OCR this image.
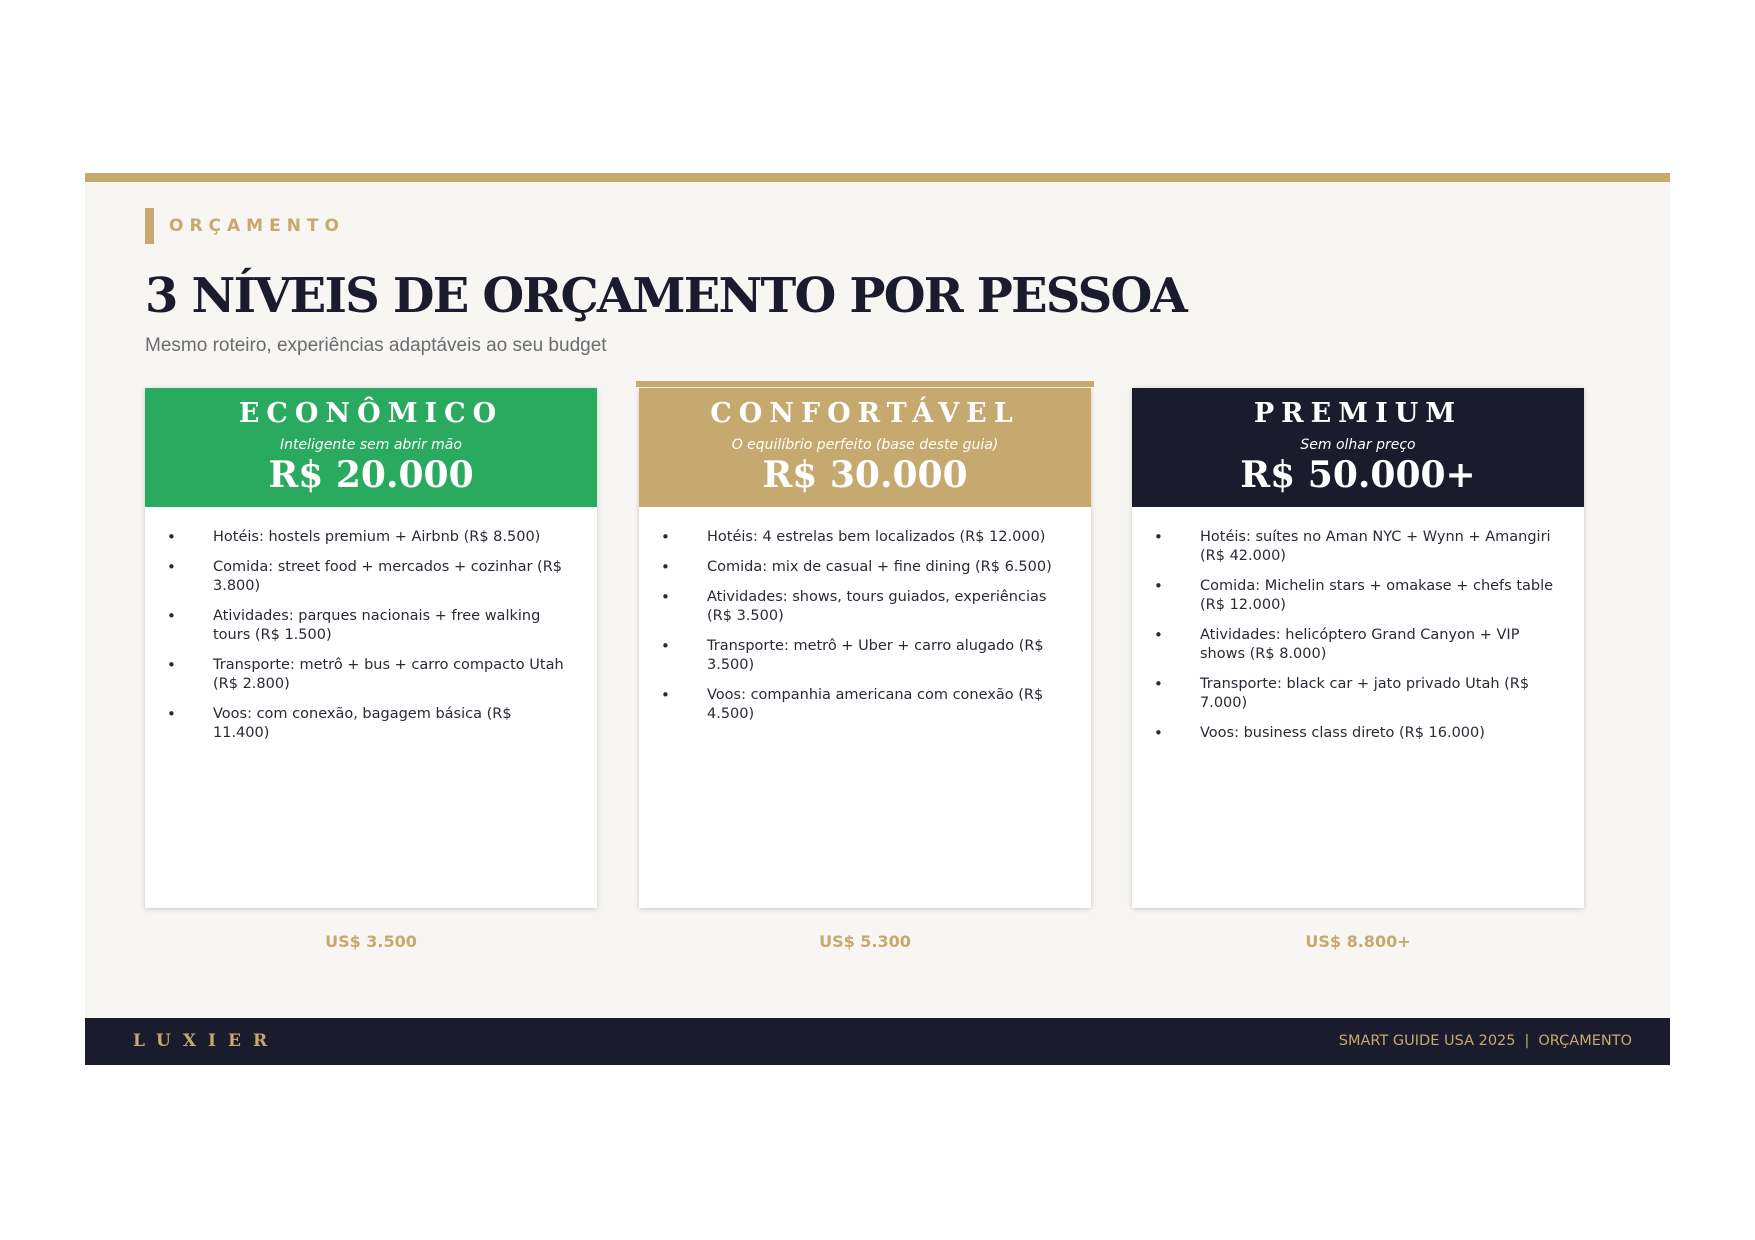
ORÇAMENTO
3 NÍVEIS DE ORÇAMENTO POR PESSOA
Mesmo roteiro, experiências adaptáveis ao seu budget
ECONÔMICO
Inteligente sem abrir mão
R$ 20.000
•	Hotéis: hostels premium + Airbnb (R$ 8.500)
•	Comida: street food + mercados + cozinhar (R$ 3.800)
•	Atividades: parques nacionais + free walking tours (R$ 1.500)
•	Transporte: metrô + bus + carro compacto Utah (R$ 2.800)
•	Voos: com conexão, bagagem básica (R$ 11.400)
US$ 3.500
CONFORTÁVEL
O equilíbrio perfeito (base deste guia)
R$ 30.000
•	Hotéis: 4 estrelas bem localizados (R$ 12.000)
•	Comida: mix de casual + fine dining (R$ 6.500)
•	Atividades: shows, tours guiados, experiências (R$ 3.500)
•	Transporte: metrô + Uber + carro alugado (R$ 3.500)
•	Voos: companhia americana com conexão (R$ 4.500)
US$ 5.300
PREMIUM
Sem olhar preço
R$ 50.000+
•	Hotéis: suítes no Aman NYC + Wynn + Amangiri (R$ 42.000)
•	Comida: Michelin stars + omakase + chefs table (R$ 12.000)
•	Atividades: helicóptero Grand Canyon + VIP shows (R$ 8.000)
•	Transporte: black car + jato privado Utah (R$ 7.000)
•	Voos: business class direto (R$ 16.000)
US$ 8.800+
LUXIER	SMART GUIDE USA 2025 | ORÇAMENTO
